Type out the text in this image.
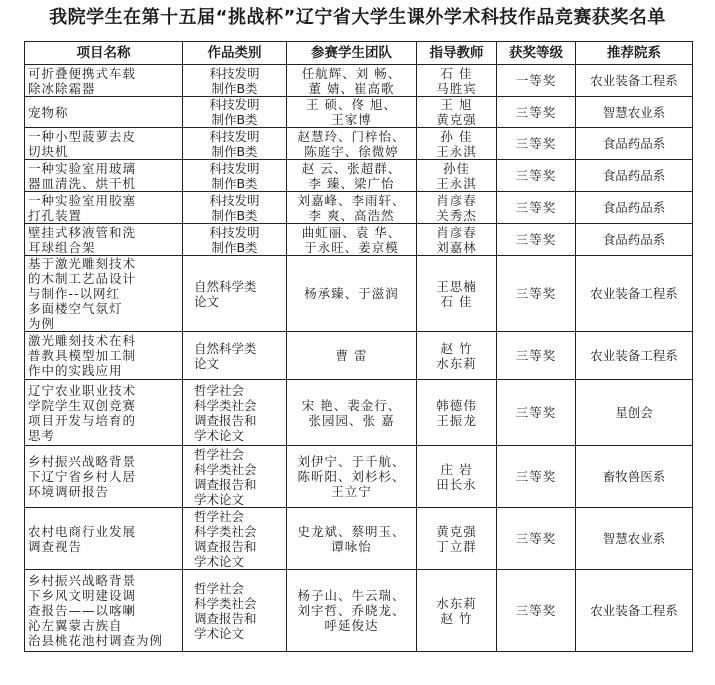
我院学生在第十五届“挑战杯”辽宁省大学生课外学术科技作品竞赛获奖名单
项目名称	作品类别	参赛学生团队	指导教师	获奖等级	推荐院系

可折叠便携式车载
除冰除霜器	科技发明
制作B类	任航辉、刘 畅、
董 婧、崔高歌	石 佳
马胜宾	一等奖	农业装备工程系

宠物称	科技发明
制作B类	王 硕、佟 旭、
王家博	王 旭
黄克强	三等奖	智慧农业系

一种小型菠萝去皮
切块机	科技发明
制作B类	赵慧玲、门梓怡、
陈庭宇、徐微婷	孙 佳
王永淇	三等奖	食品药品系

一种实验室用玻璃
器皿清洗、烘干机	科技发明
制作B类	赵 云、张超群、
李 臻、梁广怡	孙佳
王永淇	三等奖	食品药品系

一种实验室用胶塞
打孔装置	科技发明
制作B类	刘嘉峰、李雨轩、
李 爽、高浩然	肖彦春
关秀杰	三等奖	食品药品系

壁挂式移液管和洗
耳球组合架	科技发明
制作B类	曲虹丽、袁 华、
于永旺、姜京模	肖彦春
刘嘉林	三等奖	食品药品系

基于激光雕刻技术
的木制工艺品设计
与制作--以网红
多面楼空气氛灯
为例	自然科学类
论文	杨承臻、于滋润	王思楠
石 佳	三等奖	农业装备工程系

激光雕刻技术在科
普教具模型加工制
作中的实践应用	自然科学类
论文	曹 雷	赵 竹
水东莉	三等奖	农业装备工程系

辽宁农业职业技术
学院学生双创竞赛
项目开发与培育的
思考	哲学社会
科学类社会
调查报告和
学术论文	宋 艳、裴金行、
张园园、张 嘉	韩德伟
王振龙	三等奖	星创会

乡村振兴战略背景
下辽宁省乡村人居
环境调研报告	哲学社会
科学类社会
调查报告和
学术论文	刘伊宁、于千航、
陈昕阳、刘杉杉、
王立宁	庄 岩
田长永	三等奖	畜牧兽医系

农村电商行业发展
调查视告	哲学社会
科学类社会
调查报告和
学术论文	史龙斌、蔡明玉、
谭咏怡	黄克强
丁立群	三等奖	智慧农业系

乡村振兴战略背景
下乡风文明建设调
查报告——以喀喇
沁左翼蒙古族自
治县桃花池村调查为例	哲学社会
科学类社会
调查报告和
学术论文	杨子山、牛云瑞、
刘宇哲、乔晓龙、
呼延俊达	水东莉
赵 竹	三等奖	农业装备工程系
